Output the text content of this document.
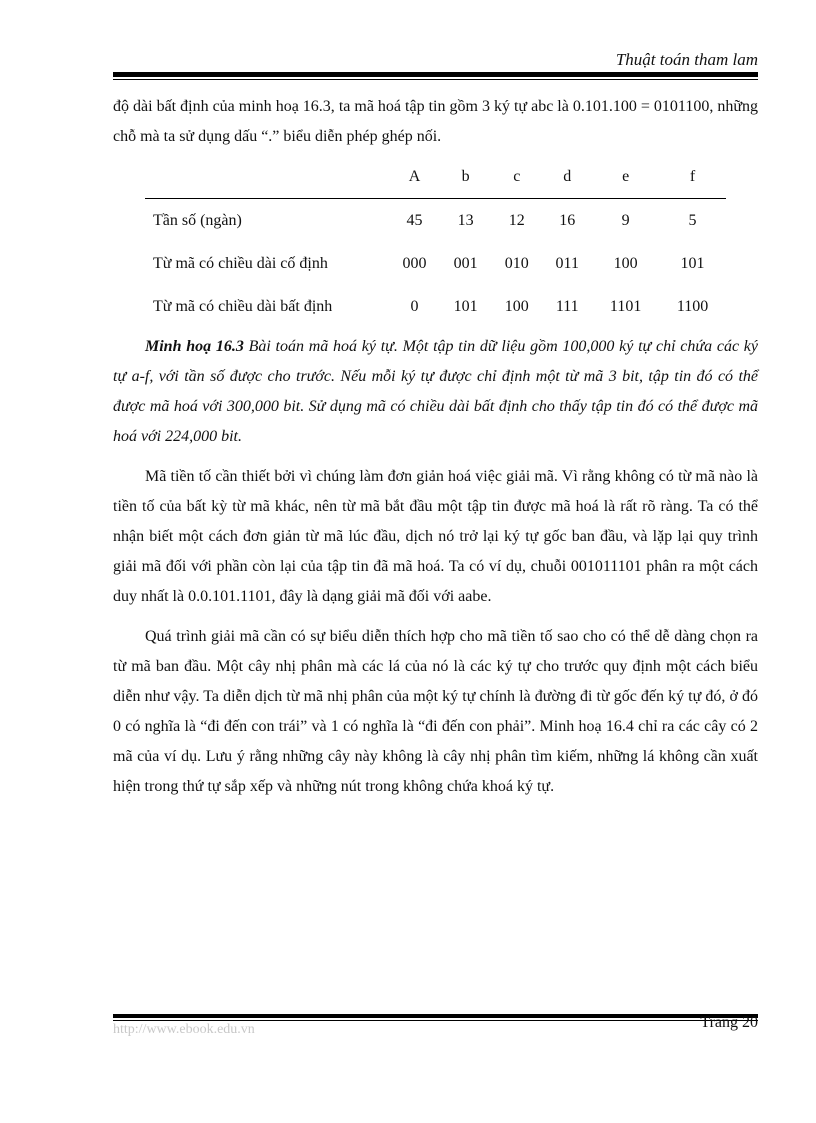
Thuật toán tham lam

độ dài bất định của minh hoạ 16.3, ta mã hoá tập tin gồm 3 ký tự abc là 0.101.100 = 0101100, những chỗ mà ta sử dụng dấu “.” biểu diễn phép ghép nối.

	A	b	c	d	e	f
Tần số (ngàn)	45	13	12	16	9	5
Từ mã có chiều dài cố định	000	001	010	011	100	101
Từ mã có chiều dài bất định	0	101	100	111	1101	1100

Minh hoạ 16.3 Bài toán mã hoá ký tự. Một tập tin dữ liệu gồm 100,000 ký tự chỉ chứa các ký tự a-f, với tần số được cho trước. Nếu mỗi ký tự được chỉ định một từ mã 3 bit, tập tin đó có thể được mã hoá với 300,000 bit. Sử dụng mã có chiều dài bất định cho thấy tập tin đó có thể được mã hoá với 224,000 bit.

Mã tiền tố cần thiết bởi vì chúng làm đơn giản hoá việc giải mã. Vì rằng không có từ mã nào là tiền tố của bất kỳ từ mã khác, nên từ mã bắt đầu một tập tin được mã hoá là rất rõ ràng. Ta có thể nhận biết một cách đơn giản từ mã lúc đầu, dịch nó trở lại ký tự gốc ban đầu, và lặp lại quy trình giải mã đối với phần còn lại của tập tin đã mã hoá. Ta có ví dụ, chuỗi 001011101 phân ra một cách duy nhất là 0.0.101.1101, đây là dạng giải mã đối với aabe.

Quá trình giải mã cần có sự biểu diễn thích hợp cho mã tiền tố sao cho có thể dễ dàng chọn ra từ mã ban đầu. Một cây nhị phân mà các lá của nó là các ký tự cho trước quy định một cách biểu diễn như vậy. Ta diễn dịch từ mã nhị phân của một ký tự chính là đường đi từ gốc đến ký tự đó, ở đó 0 có nghĩa là “đi đến con trái” và 1 có nghĩa là “đi đến con phải”. Minh hoạ 16.4 chỉ ra các cây có 2 mã của ví dụ. Lưu ý rằng những cây này không là cây nhị phân tìm kiếm, những lá không cần xuất hiện trong thứ tự sắp xếp và những nút trong không chứa khoá ký tự.

http://www.ebook.edu.vn	Trang 20
